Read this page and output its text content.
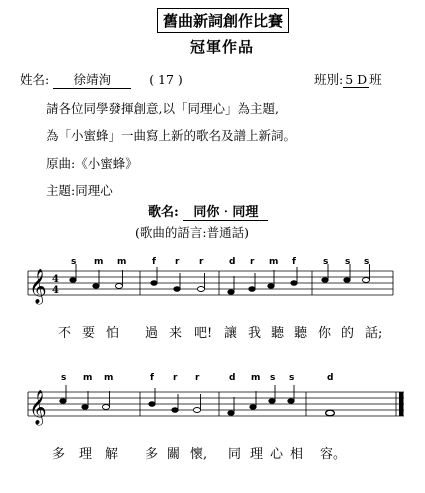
舊曲新詞創作比賽
冠軍作品
姓名: 徐靖洵	( 17 )	班別: 5 D 班
請各位同學發揮創意,以「同理心」為主題,
為「小蜜蜂」一曲寫上新的歌名及譜上新詞。
原曲:《小蜜蜂》
主題:同理心
歌名: 同你‧同理
(歌曲的語言:普通話)
s m m	f r r	d r m f	s s s
𝄞 4
4
𝄞
不 要 怕 過 来 吧! 讓 我 聽 聽 你 的 話;
s m m	f r r	d m s s	d
多 理 解 多 關 懷, 同 理 心 相 容。
